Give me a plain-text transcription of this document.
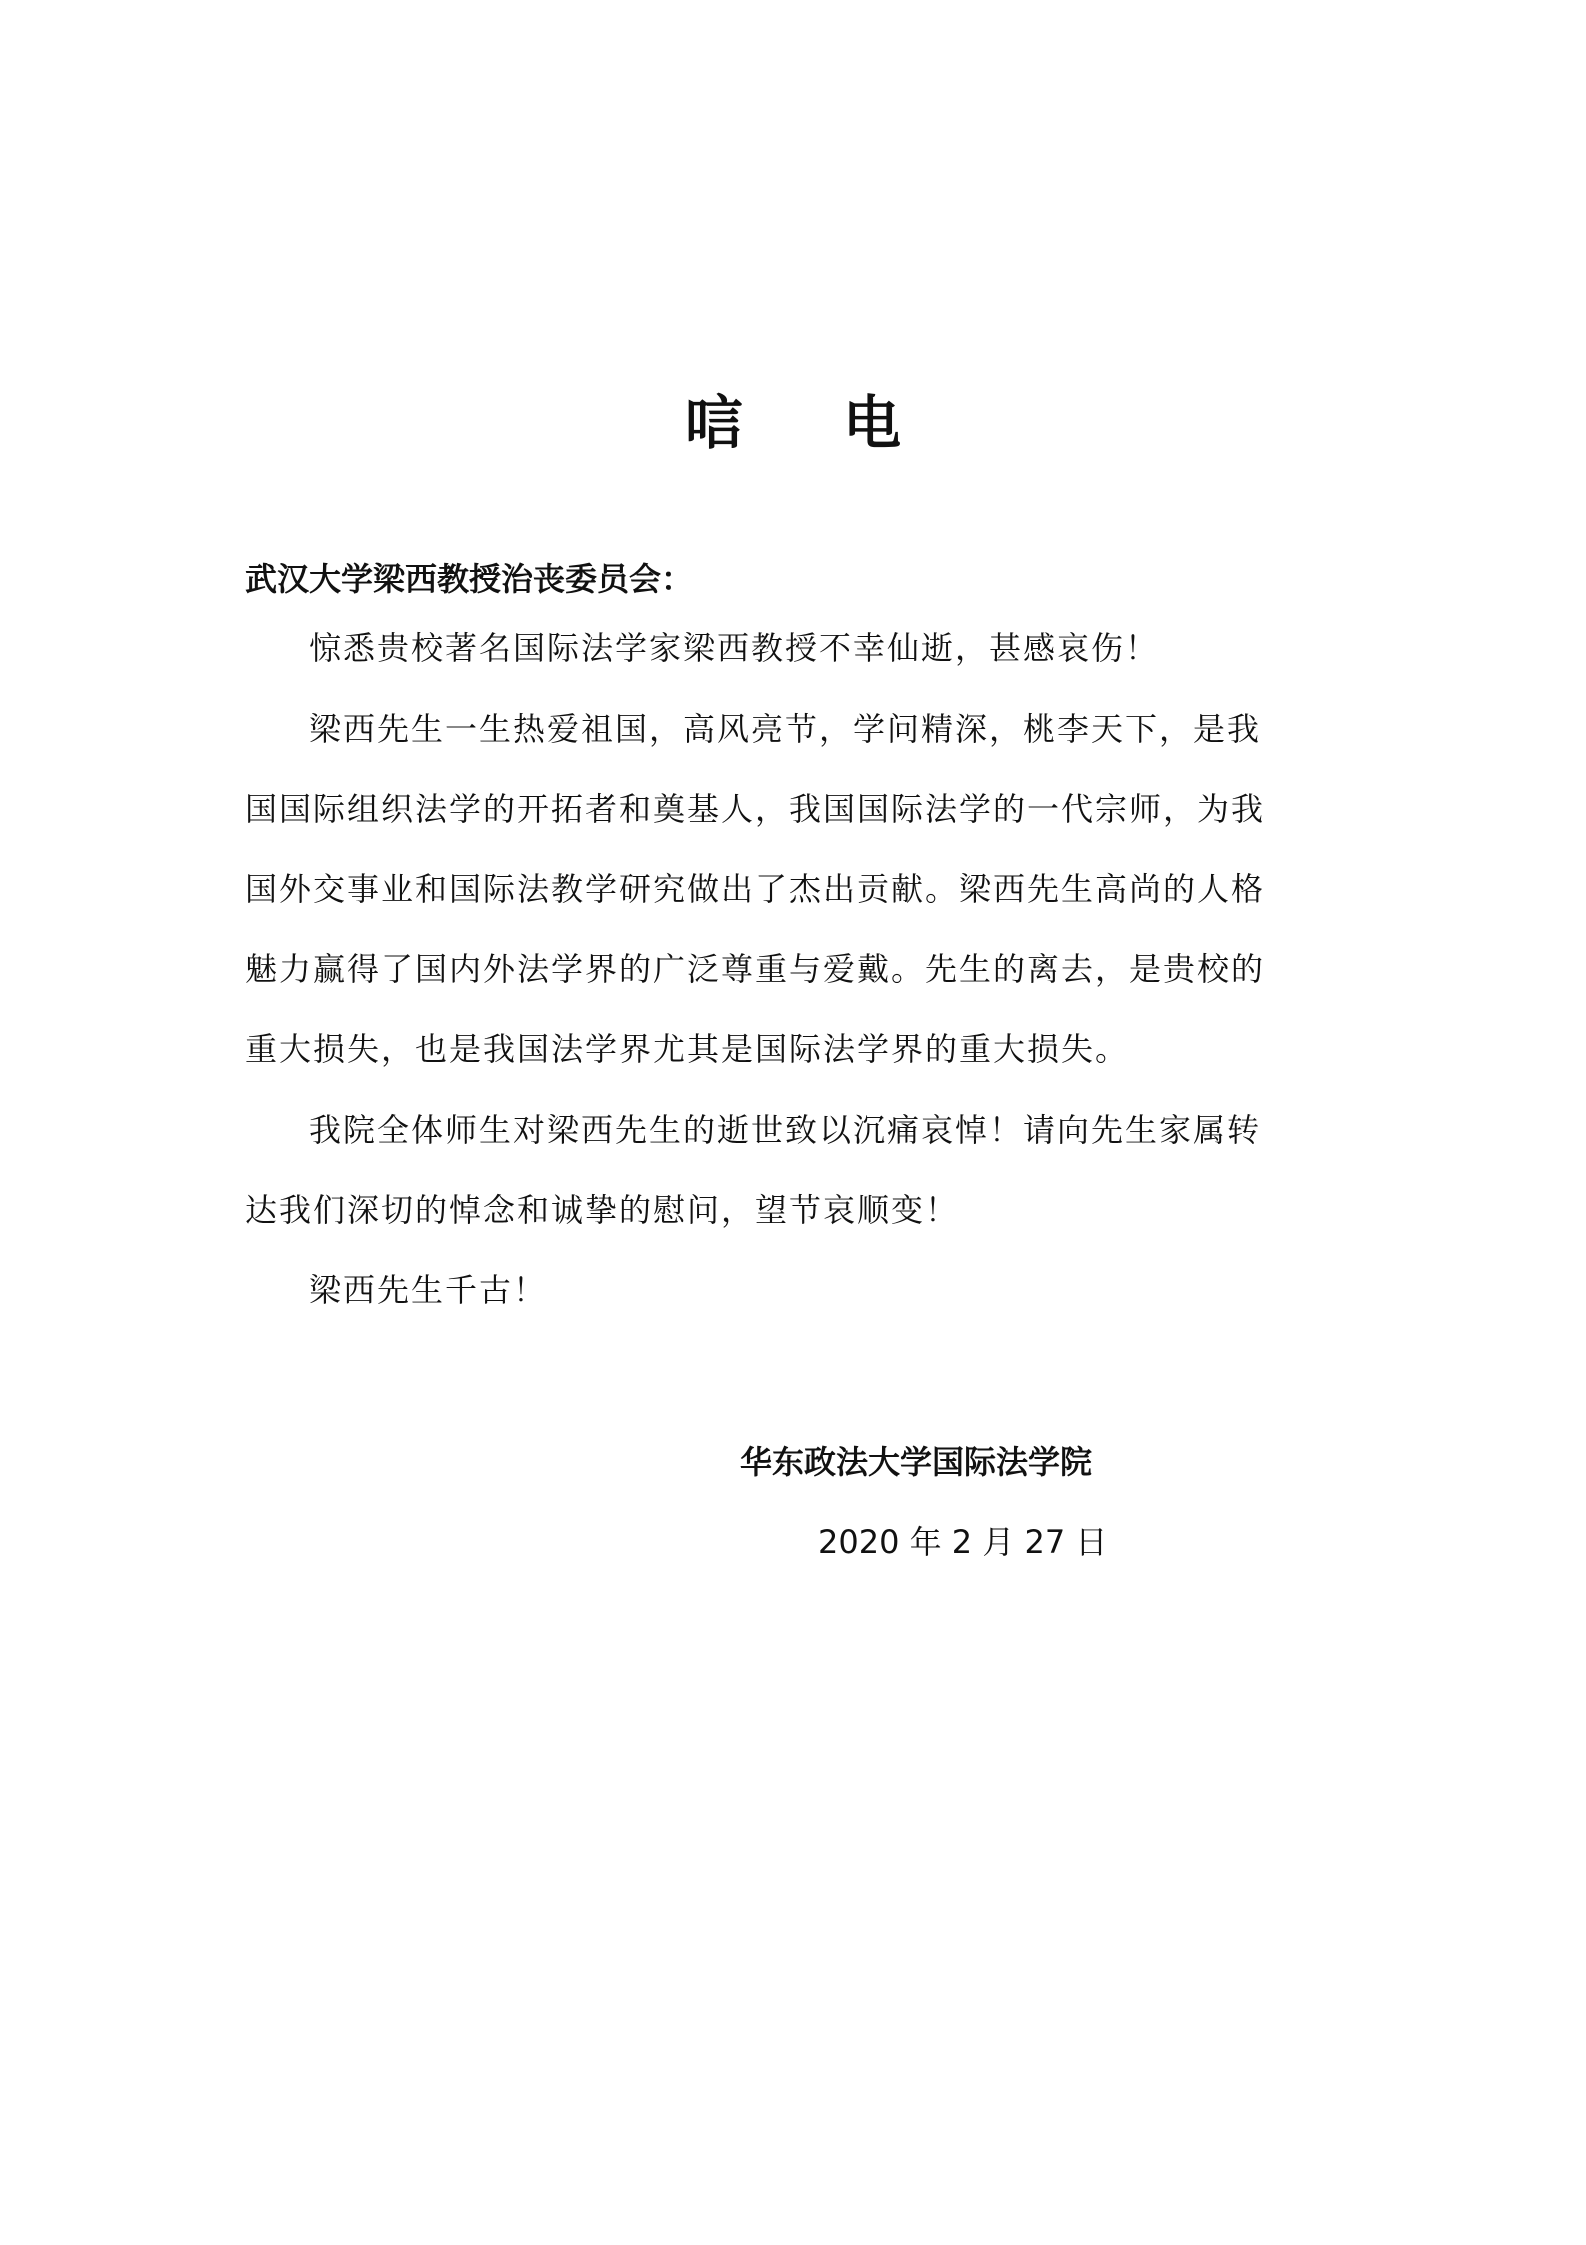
唁电
武汉大学梁西教授治丧委员会：
惊悉贵校著名国际法学家梁西教授不幸仙逝，甚感哀伤！
梁西先生一生热爱祖国，高风亮节，学问精深，桃李天下，是我
国国际组织法学的开拓者和奠基人，我国国际法学的一代宗师，为我
国外交事业和国际法教学研究做出了杰出贡献。梁西先生高尚的人格
魅力赢得了国内外法学界的广泛尊重与爱戴。先生的离去，是贵校的
重大损失，也是我国法学界尤其是国际法学界的重大损失。
我院全体师生对梁西先生的逝世致以沉痛哀悼！请向先生家属转
达我们深切的悼念和诚挚的慰问，望节哀顺变！
梁西先生千古！
华东政法大学国际法学院
2020 年 2 月 27 日
